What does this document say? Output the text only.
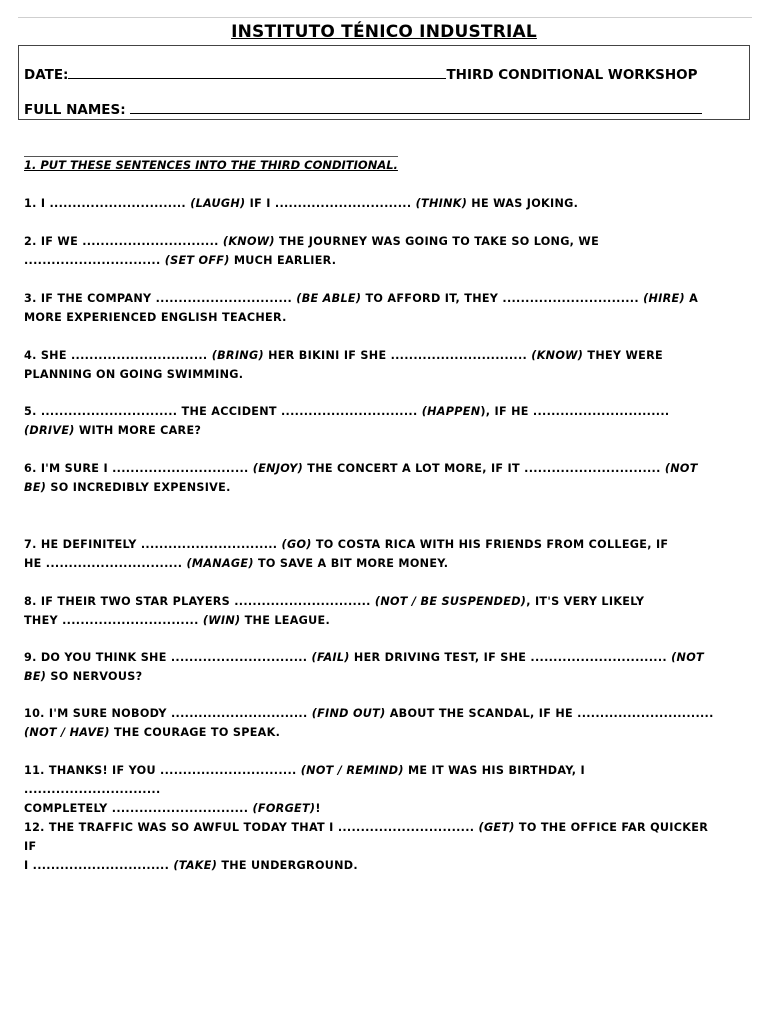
INSTITUTO TÉNICO INDUSTRIAL
DATE:	THIRD CONDITIONAL WORKSHOP
FULL NAMES:
1. PUT THESE SENTENCES INTO THE THIRD CONDITIONAL.
1. I .............................. (LAUGH) IF I .............................. (THINK) HE WAS JOKING.
2. IF WE .............................. (KNOW) THE JOURNEY WAS GOING TO TAKE SO LONG, WE .............................. (SET OFF) MUCH EARLIER.
3. IF THE COMPANY .............................. (BE ABLE) TO AFFORD IT, THEY .............................. (HIRE) A MORE EXPERIENCED ENGLISH TEACHER.
4. SHE .............................. (BRING) HER BIKINI IF SHE .............................. (KNOW) THEY WERE PLANNING ON GOING SWIMMING.
5. .............................. THE ACCIDENT .............................. (HAPPEN), IF HE .............................. (DRIVE) WITH MORE CARE?
6. I'M SURE I .............................. (ENJOY) THE CONCERT A LOT MORE, IF IT .............................. (NOT BE) SO INCREDIBLY EXPENSIVE.
7. HE DEFINITELY .............................. (GO) TO COSTA RICA WITH HIS FRIENDS FROM COLLEGE, IF
HE .............................. (MANAGE) TO SAVE A BIT MORE MONEY.
8. IF THEIR TWO STAR PLAYERS .............................. (NOT / BE SUSPENDED), IT'S VERY LIKELY
THEY .............................. (WIN) THE LEAGUE.
9. DO YOU THINK SHE .............................. (FAIL) HER DRIVING TEST, IF SHE .............................. (NOT BE) SO NERVOUS?
10. I'M SURE NOBODY .............................. (FIND OUT) ABOUT THE SCANDAL, IF HE .............................. (NOT / HAVE) THE COURAGE TO SPEAK.
11. THANKS! IF YOU .............................. (NOT / REMIND) ME IT WAS HIS BIRTHDAY, I ..............................
COMPLETELY .............................. (FORGET)!
12. THE TRAFFIC WAS SO AWFUL TODAY THAT I .............................. (GET) TO THE OFFICE FAR QUICKER IF
I .............................. (TAKE) THE UNDERGROUND.
